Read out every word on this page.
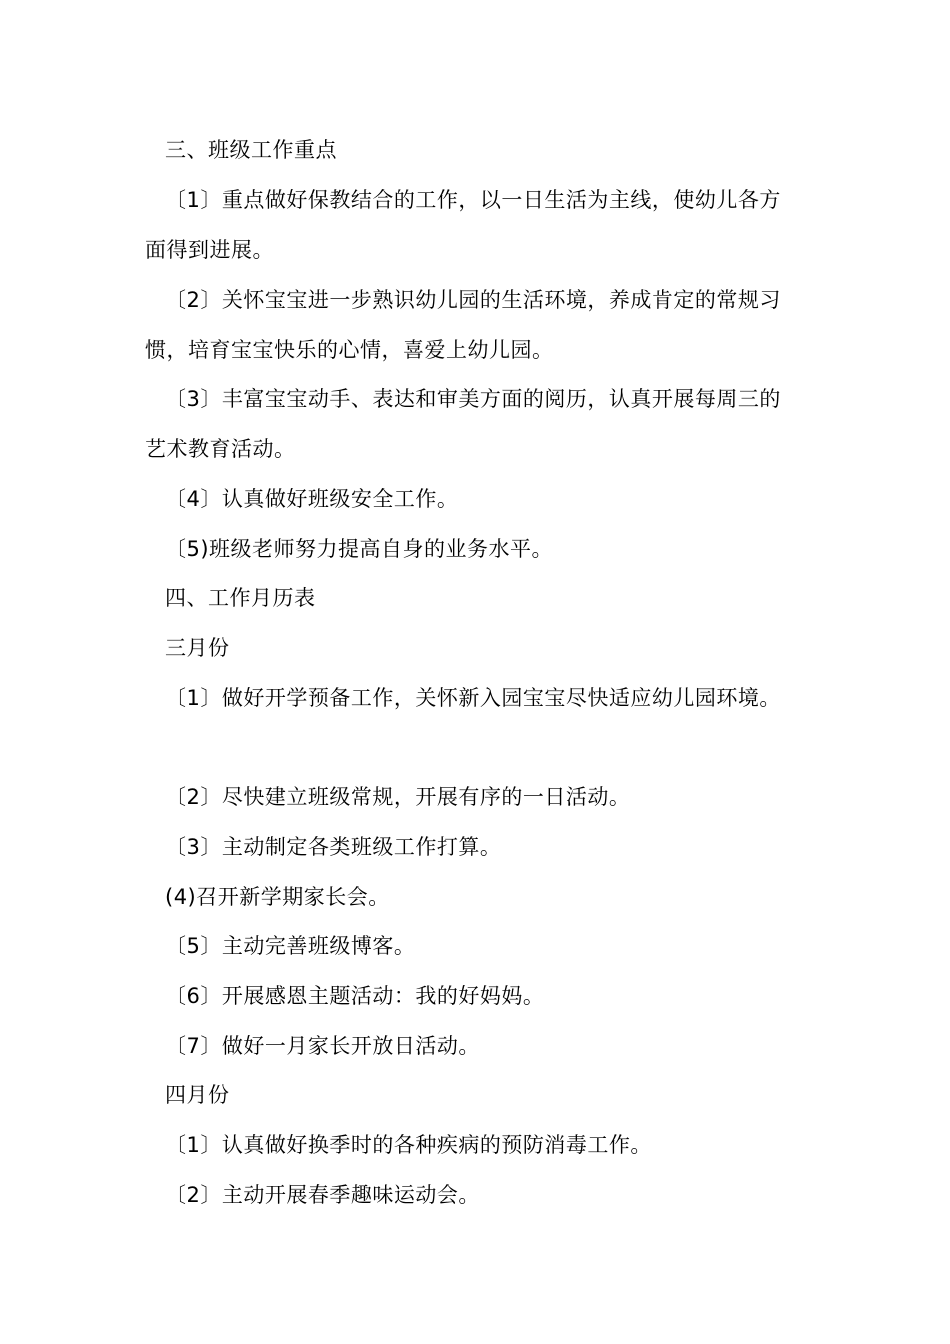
三、班级工作重点
〔1〕重点做好保教结合的工作，以一日生活为主线，使幼儿各方
面得到进展。
〔2〕关怀宝宝进一步熟识幼儿园的生活环境，养成肯定的常规习
惯，培育宝宝快乐的心情，喜爱上幼儿园。
〔3〕丰富宝宝动手、表达和审美方面的阅历，认真开展每周三的
艺术教育活动。
〔4〕认真做好班级安全工作。
〔5)班级老师努力提高自身的业务水平。
四、工作月历表
三月份
〔1〕做好开学预备工作，关怀新入园宝宝尽快适应幼儿园环境。
〔2〕尽快建立班级常规，开展有序的一日活动。
〔3〕主动制定各类班级工作打算。
(4)召开新学期家长会。
〔5〕主动完善班级博客。
〔6〕开展感恩主题活动：我的好妈妈。
〔7〕做好一月家长开放日活动。
四月份
〔1〕认真做好换季时的各种疾病的预防消毒工作。
〔2〕主动开展春季趣味运动会。
